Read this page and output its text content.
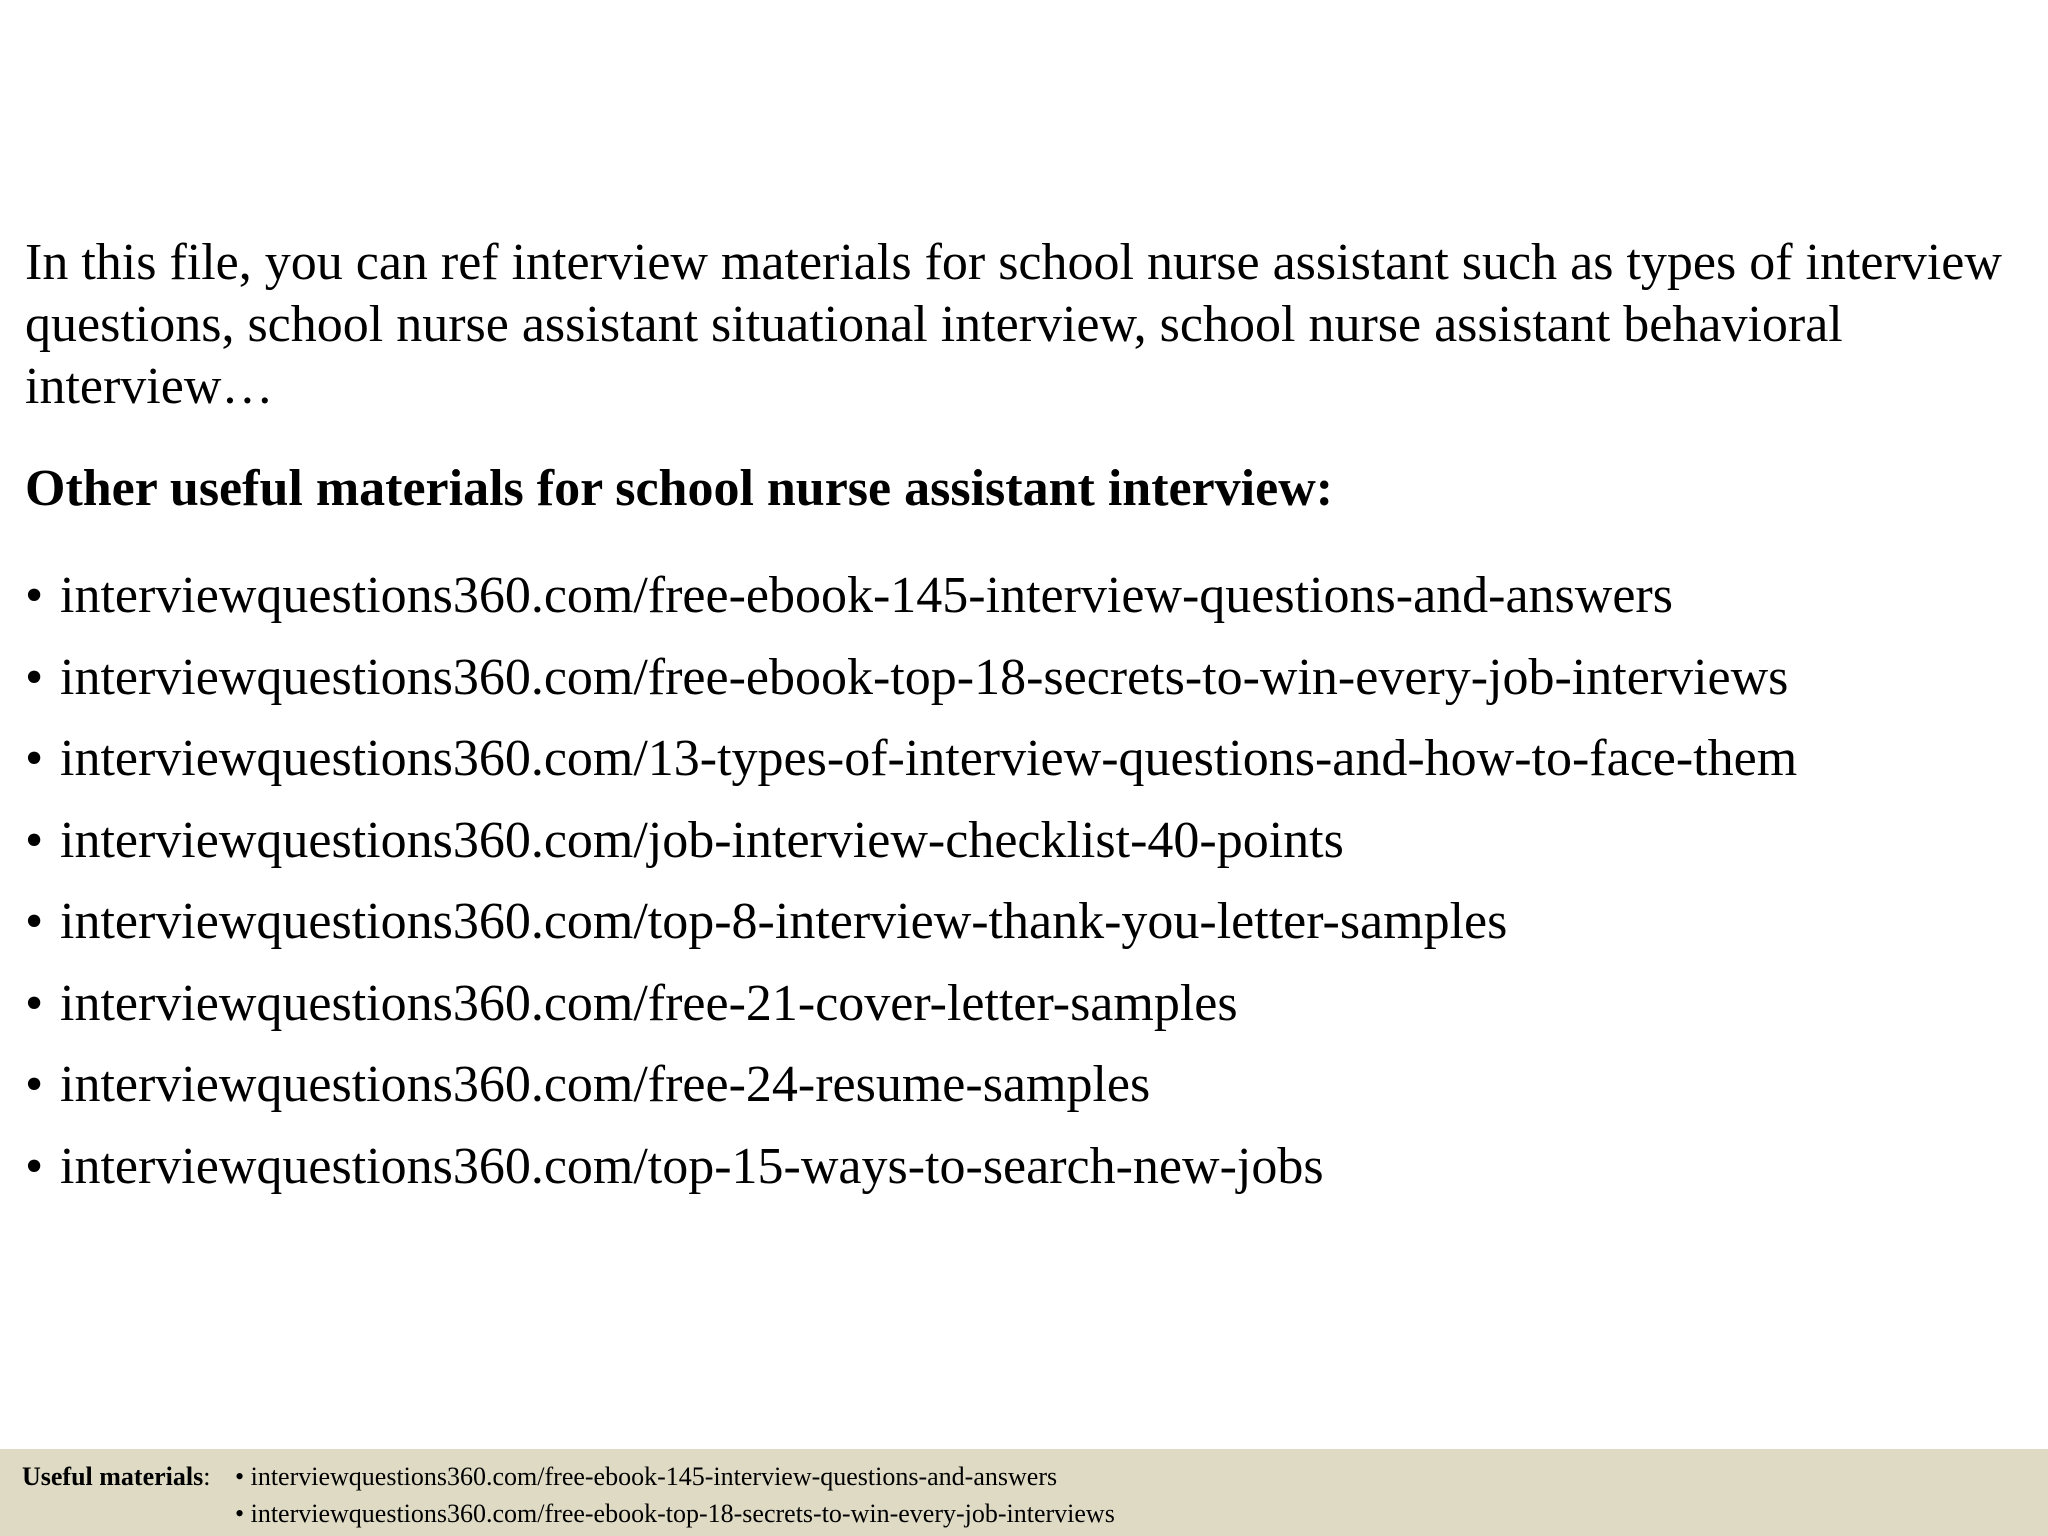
In this file, you can ref interview materials for school nurse assistant such as types of interview questions, school nurse assistant situational interview, school nurse assistant behavioral interview…

Other useful materials for school nurse assistant interview:

• interviewquestions360.com/free-ebook-145-interview-questions-and-answers
• interviewquestions360.com/free-ebook-top-18-secrets-to-win-every-job-interviews
• interviewquestions360.com/13-types-of-interview-questions-and-how-to-face-them
• interviewquestions360.com/job-interview-checklist-40-points
• interviewquestions360.com/top-8-interview-thank-you-letter-samples
• interviewquestions360.com/free-21-cover-letter-samples
• interviewquestions360.com/free-24-resume-samples
• interviewquestions360.com/top-15-ways-to-search-new-jobs
Useful materials: • interviewquestions360.com/free-ebook-145-interview-questions-and-answers
• interviewquestions360.com/free-ebook-top-18-secrets-to-win-every-job-interviews
